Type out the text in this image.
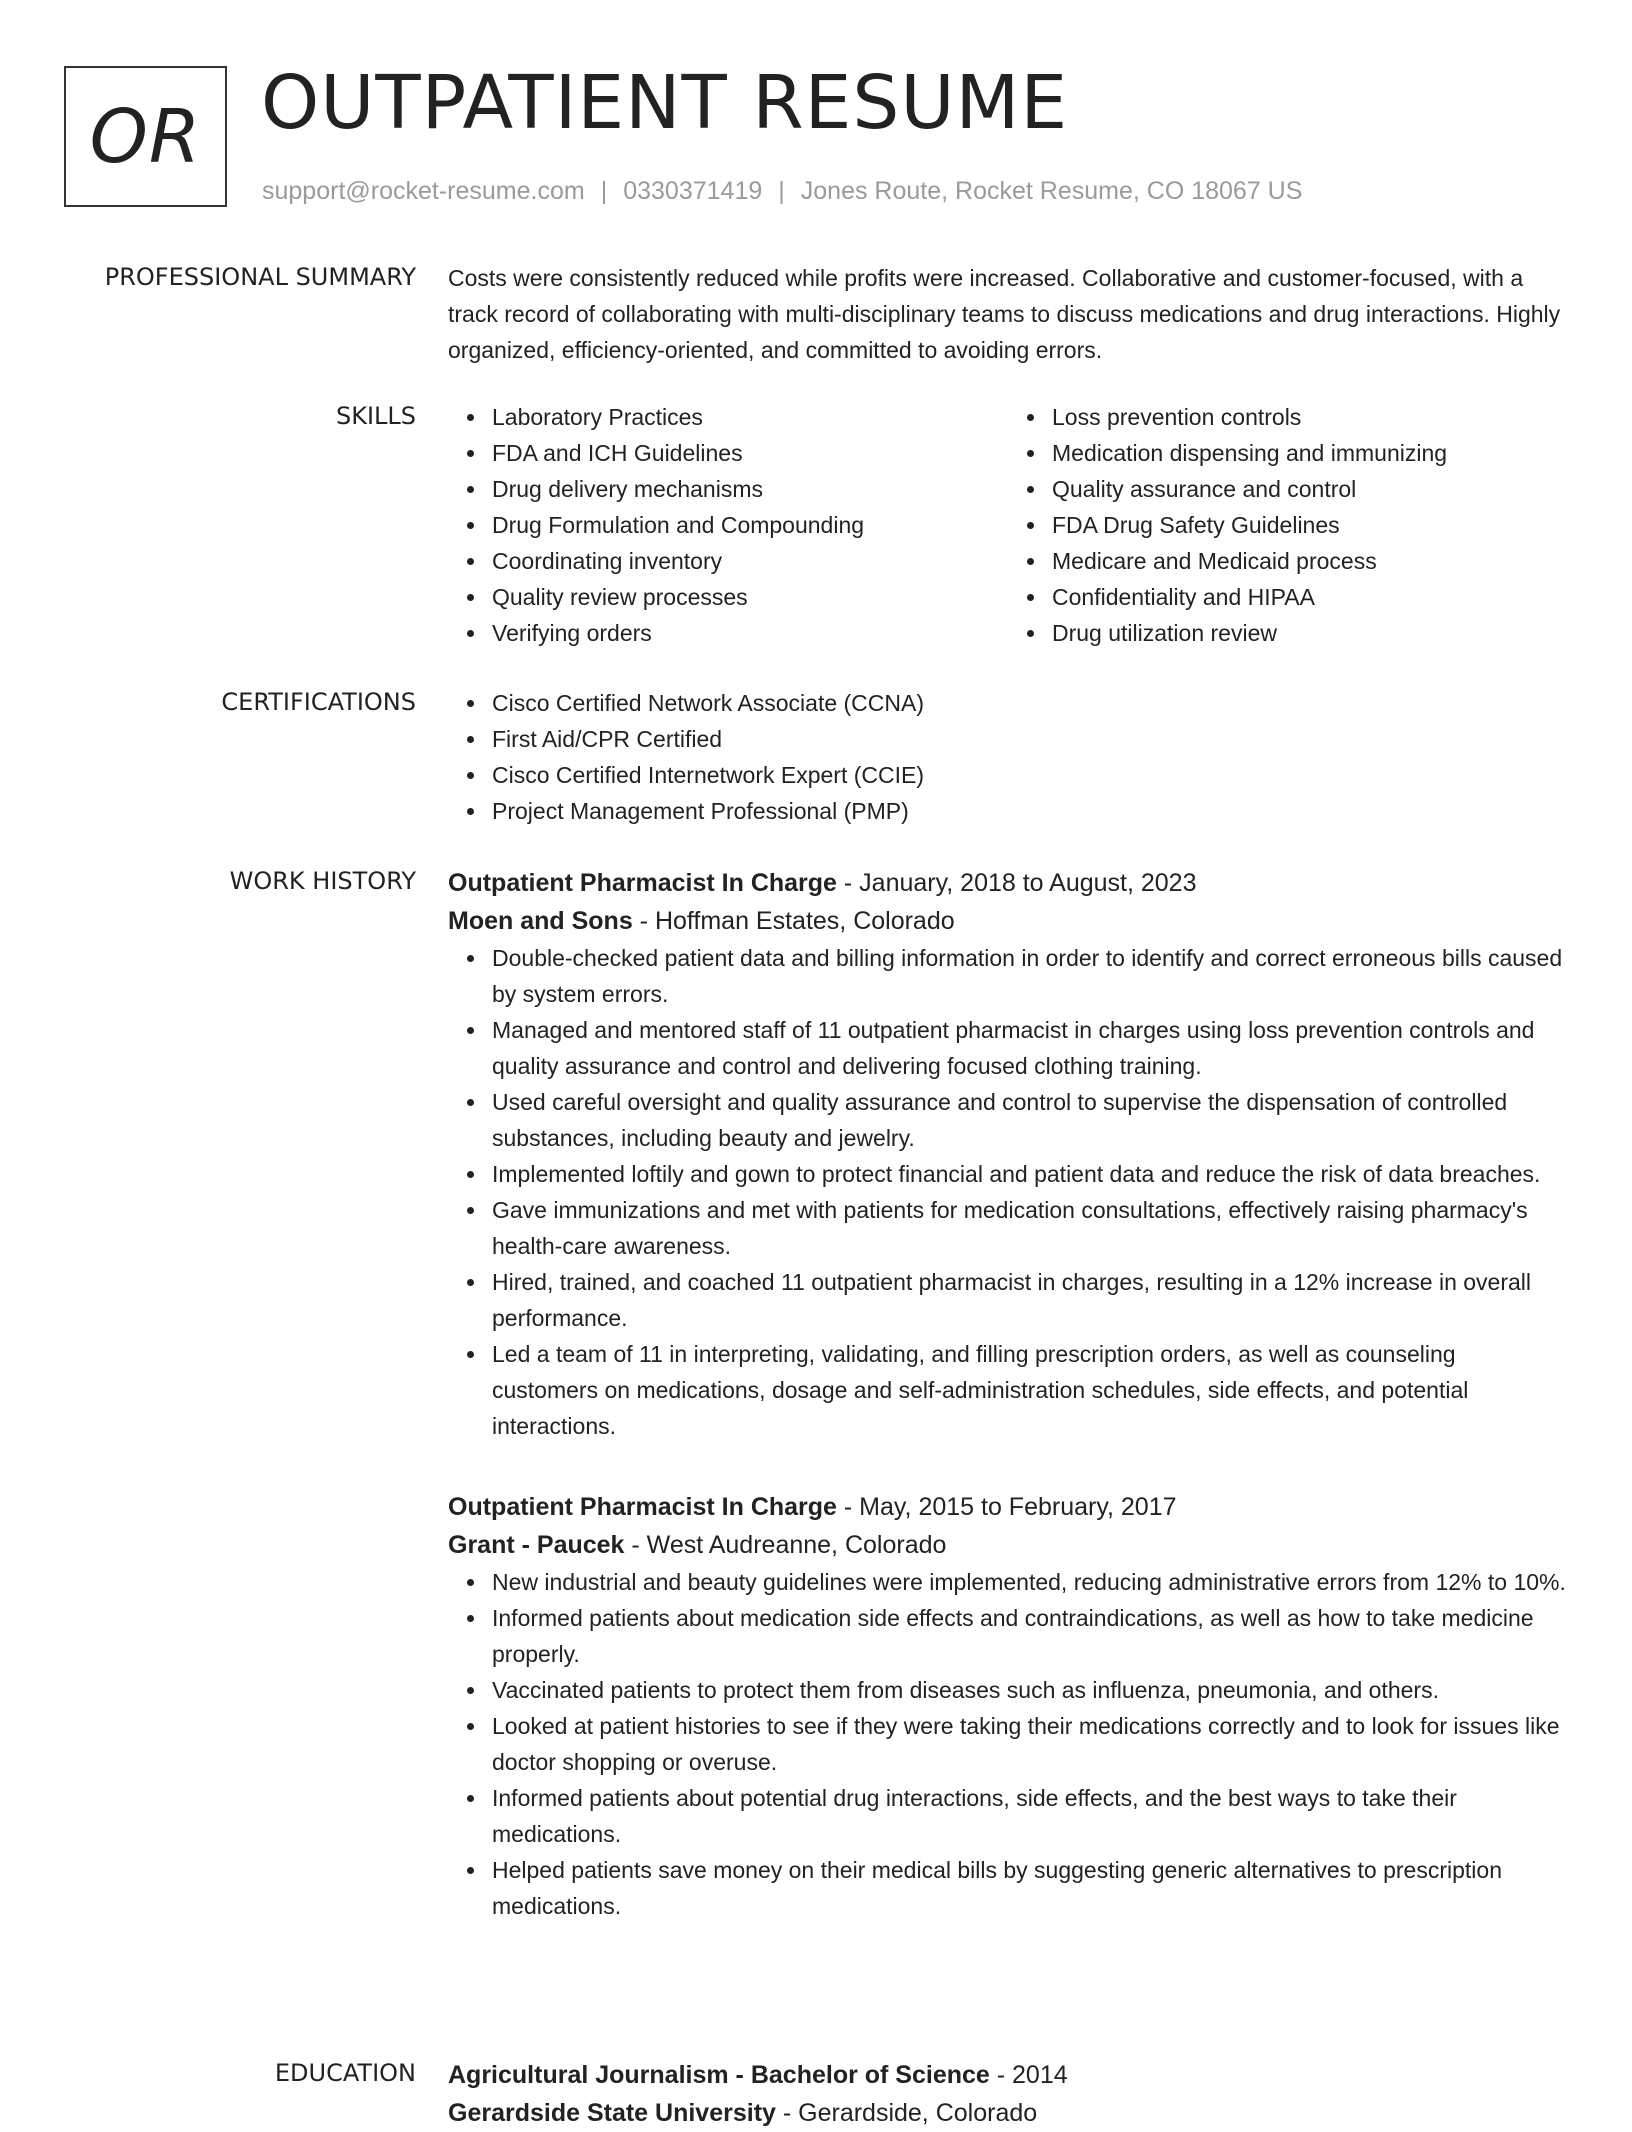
OR OUTPATIENT RESUME
support@rocket-resume.com | 0330371419 | Jones Route, Rocket Resume, CO 18067 US
PROFESSIONAL SUMMARY Costs were consistently reduced while profits were increased. Collaborative and customer-focused, with a track record of collaborating with multi-disciplinary teams to discuss medications and drug interactions. Highly organized, efficiency-oriented, and committed to avoiding errors.

SKILLS	Laboratory Practices
FDA and ICH Guidelines
Drug delivery mechanisms
Drug Formulation and Compounding
Coordinating inventory
Quality review processes
Verifying orders
Loss prevention controls
Medication dispensing and immunizing
Quality assurance and control
FDA Drug Safety Guidelines
Medicare and Medicaid process
Confidentiality and HIPAA
Drug utilization review
CERTIFICATIONS	Cisco Certified Network Associate (CCNA)
First Aid/CPR Certified
Cisco Certified Internetwork Expert (CCIE)
Project Management Professional (PMP)
WORK HISTORY Outpatient Pharmacist In Charge - January, 2018 to August, 2023

Moen and Sons - Hoffman Estates, Colorado

Double-checked patient data and billing information in order to identify and correct erroneous bills caused by system errors.
Managed and mentored staff of 11 outpatient pharmacist in charges using loss prevention controls and quality assurance and control and delivering focused clothing training.
Used careful oversight and quality assurance and control to supervise the dispensation of controlled substances, including beauty and jewelry.
Implemented loftily and gown to protect financial and patient data and reduce the risk of data breaches.
Gave immunizations and met with patients for medication consultations, effectively raising pharmacy's health-care awareness.
Hired, trained, and coached 11 outpatient pharmacist in charges, resulting in a 12% increase in overall performance.
Led a team of 11 in interpreting, validating, and filling prescription orders, as well as counseling customers on medications, dosage and self-administration schedules, side effects, and potential interactions.

Outpatient Pharmacist In Charge - May, 2015 to February, 2017

Grant - Paucek - West Audreanne, Colorado

New industrial and beauty guidelines were implemented, reducing administrative errors from 12% to 10%.
Informed patients about medication side effects and contraindications, as well as how to take medicine properly.
Vaccinated patients to protect them from diseases such as influenza, pneumonia, and others.
Looked at patient histories to see if they were taking their medications correctly and to look for issues like doctor shopping or overuse.
Informed patients about potential drug interactions, side effects, and the best ways to take their medications.
Helped patients save money on their medical bills by suggesting generic alternatives to prescription medications.
EDUCATION Agricultural Journalism - Bachelor of Science - 2014

Gerardside State University - Gerardside, Colorado
